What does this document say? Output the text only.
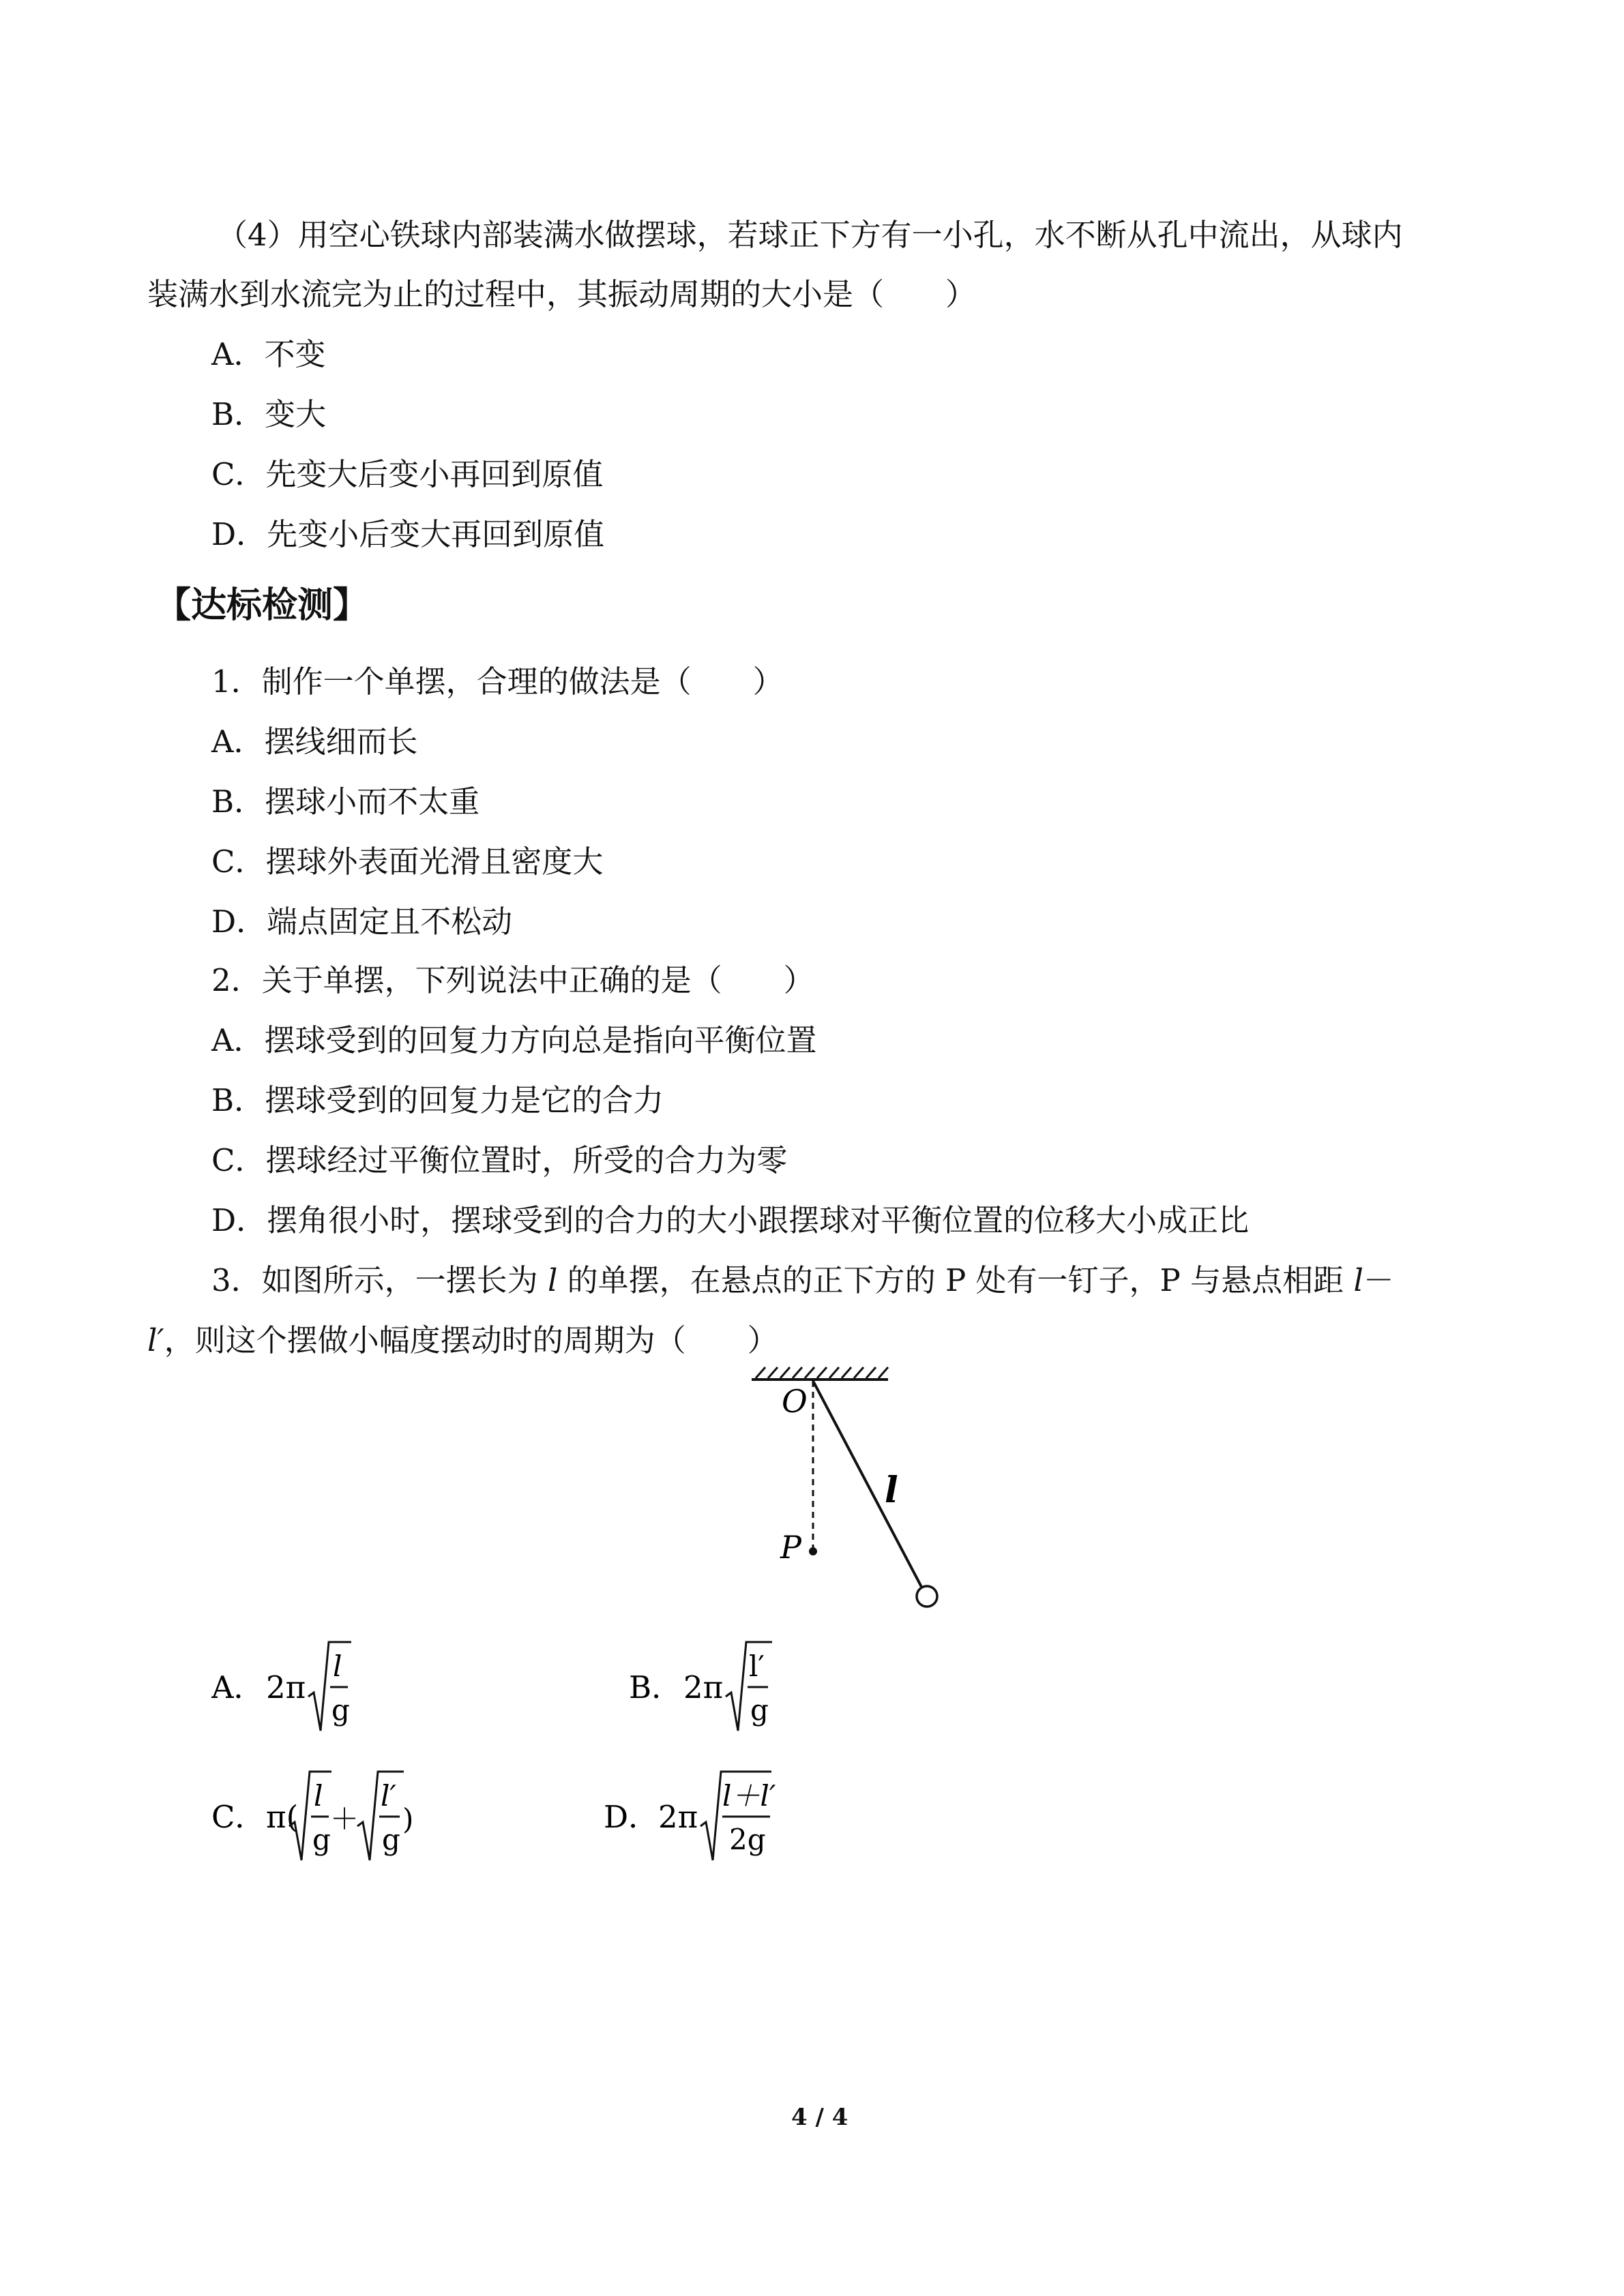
（4）用空心铁球内部装满水做摆球，若球正下方有一小孔，水不断从孔中流出，从球内
装满水到水流完为止的过程中，其振动周期的大小是（　　）
A．不变
B．变大
C．先变大后变小再回到原值
D．先变小后变大再回到原值
【达标检测】
1．制作一个单摆，合理的做法是（　　）
A．摆线细而长
B．摆球小而不太重
C．摆球外表面光滑且密度大
D．端点固定且不松动
2．关于单摆，下列说法中正确的是（　　）
A．摆球受到的回复力方向总是指向平衡位置
B．摆球受到的回复力是它的合力
C．摆球经过平衡位置时，所受的合力为零
D．摆角很小时，摆球受到的合力的大小跟摆球对平衡位置的位移大小成正比
3．如图所示，一摆长为 l 的单摆，在悬点的正下方的 P 处有一钉子，P 与悬点相距 l－
l′，则这个摆做小幅度摆动时的周期为（　　）
O
P
l
A． 2π
l
g
B． 2π
l′
g
C． π(
l
g
＋
l′
g
)	D．
2π
l＋l′
2g
4 / 4
